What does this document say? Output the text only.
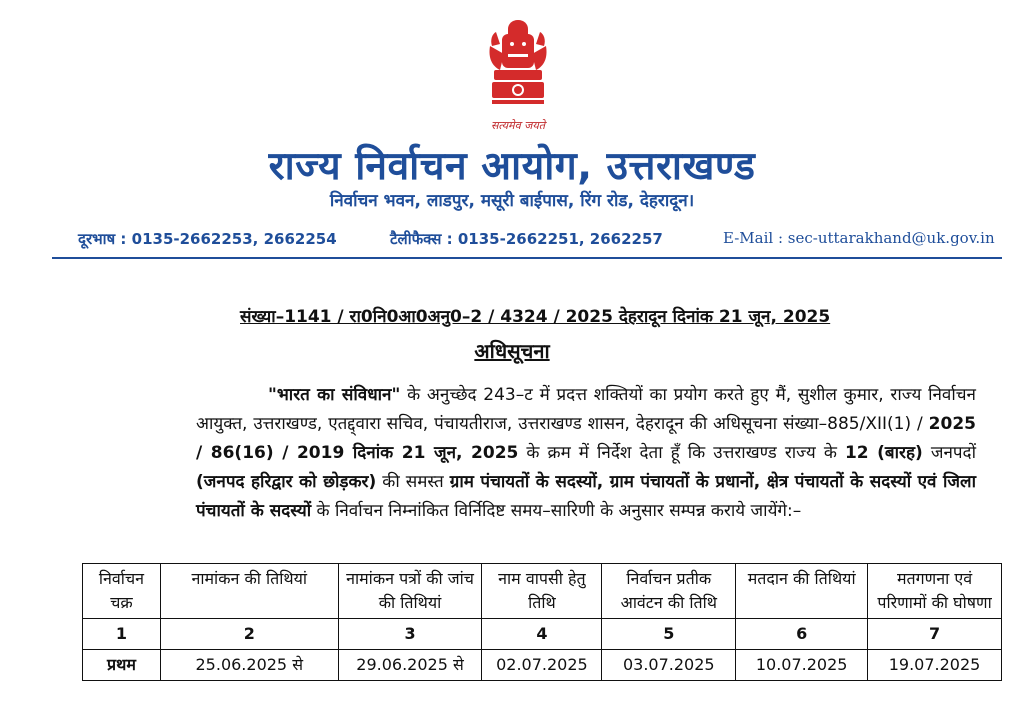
सत्यमेव जयते
राज्य निर्वाचन आयोग, उत्तराखण्ड
निर्वाचन भवन, लाडपुर, मसूरी बाईपास, रिंग रोड, देहरादून।
दूरभाष : 0135-2662253, 2662254	टैलीफैक्स : 0135-2662251, 2662257	E-Mail : sec-uttarakhand@uk.gov.in
संख्या–1141 / रा0नि0आ0अनु0–2 / 4324 / 2025 देहरादून दिनांक 21 जून, 2025
अधिसूचना
"भारत का संविधान" के अनुच्छेद 243–ट में प्रदत्त शक्तियों का प्रयोग करते हुए मैं, सुशील कुमार, राज्य निर्वाचन आयुक्त, उत्तराखण्ड, एतद्द्वारा सचिव, पंचायतीराज, उत्तराखण्ड शासन, देहरादून की अधिसूचना संख्या–885/XII(1) / 2025 / 86(16) / 2019 दिनांक 21 जून, 2025 के क्रम में निर्देश देता हूँ कि उत्तराखण्ड राज्य के 12 (बारह) जनपदों (जनपद हरिद्वार को छोड़कर) की समस्त ग्राम पंचायतों के सदस्यों, ग्राम पंचायतों के प्रधानों, क्षेत्र पंचायतों के सदस्यों एवं जिला पंचायतों के सदस्यों के निर्वाचन निम्नांकित विर्निदिष्ट समय–सारिणी के अनुसार सम्पन्न कराये जायेंगे:–
निर्वाचन चक्र	नामांकन की तिथियां	नामांकन पत्रों की जांच की तिथियां	नाम वापसी हेतु तिथि	निर्वाचन प्रतीक आवंटन की तिथि	मतदान की तिथियां	मतगणना एवं परिणामों की घोषणा
1	2	3	4	5	6	7
प्रथम	25.06.2025 से	29.06.2025 से	02.07.2025	03.07.2025	10.07.2025	19.07.2025
